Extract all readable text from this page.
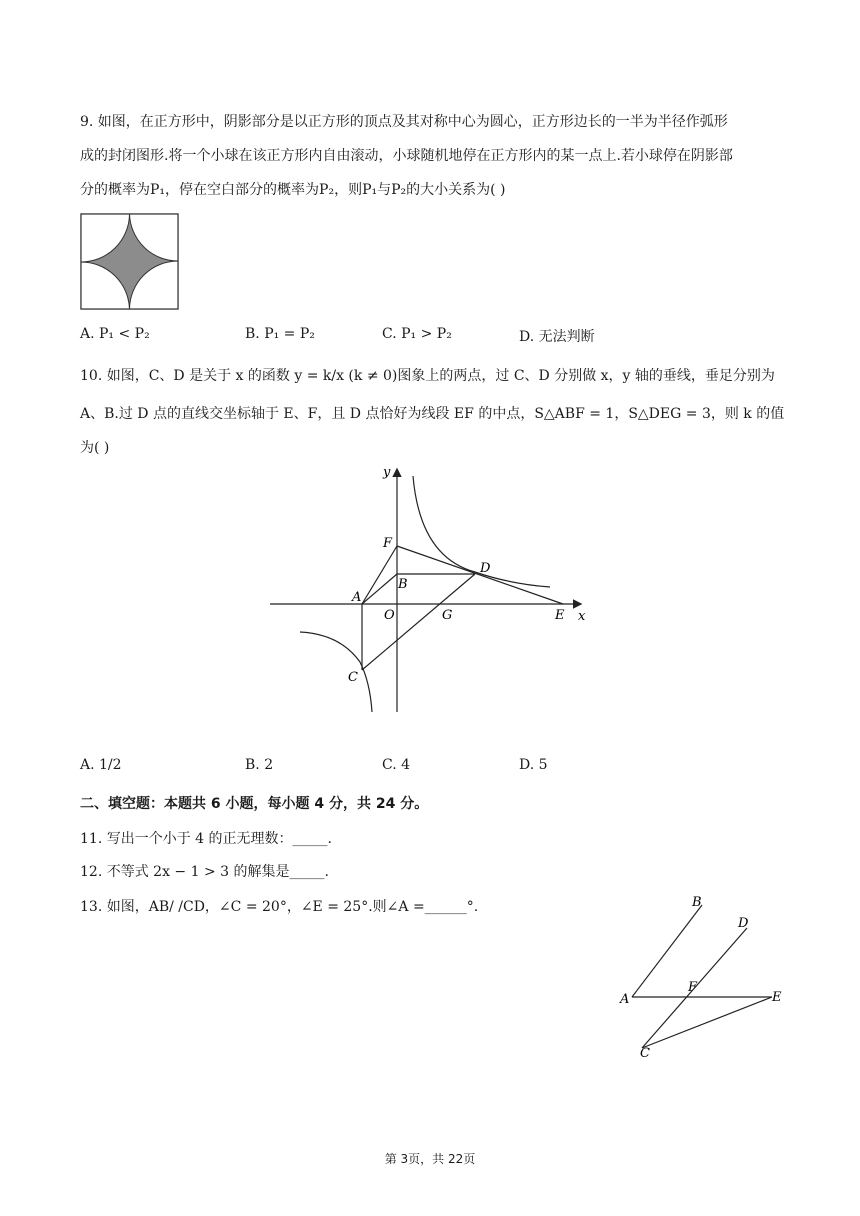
9. 如图，在正方形中，阴影部分是以正方形的顶点及其对称中心为圆心，正方形边长的一半为半径作弧形
成的封闭图形.将一个小球在该正方形内自由滚动，小球随机地停在正方形内的某一点上.若小球停在阴影部
分的概率为P₁，停在空白部分的概率为P₂，则P₁与P₂的大小关系为( )
A. P₁ < P₂	B. P₁ = P₂	C. P₁ > P₂	D. 无法判断
10. 如图，C、D 是关于 x 的函数 y = k/x (k ≠ 0)图象上的两点，过 C、D 分别做 x，y 轴的垂线，垂足分别为
A、B.过 D 点的直线交坐标轴于 E、F，且 D 点恰好为线段 EF 的中点，S△ABF = 1，S△DEG = 3，则 k 的值
为( )
y
x
F
D
B
A
O	G	E
C
A. 1/2	B. 2	C. 4	D. 5
二、填空题：本题共 6 小题，每小题 4 分，共 24 分。
11. 写出一个小于 4 的正无理数：_____.
12. 不等式 2x − 1 > 3 的解集是_____.
13. 如图，AB/ /CD，∠C = 20°，∠E = 25°.则∠A =______°.	B
D
A
F
E
C
第 3页，共 22页
